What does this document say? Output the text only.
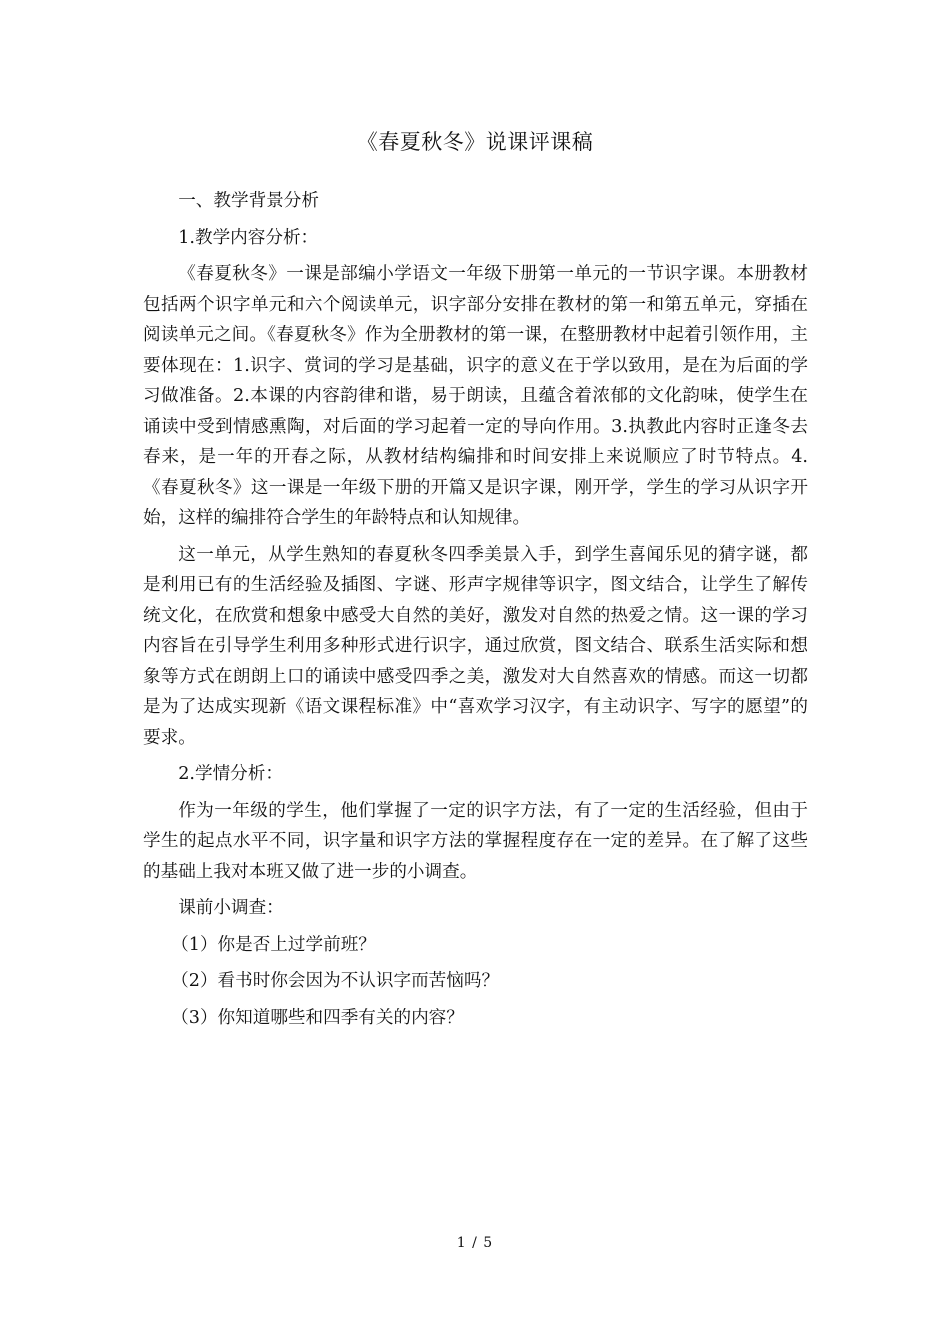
《春夏秋冬》说课评课稿

一、教学背景分析

1.教学内容分析：

《春夏秋冬》一课是部编小学语文一年级下册第一单元的一节识字课。本册教材包括两个识字单元和六个阅读单元，识字部分安排在教材的第一和第五单元，穿插在阅读单元之间。《春夏秋冬》作为全册教材的第一课，在整册教材中起着引领作用，主要体现在：1.识字、赏词的学习是基础，识字的意义在于学以致用，是在为后面的学习做准备。2.本课的内容韵律和谐，易于朗读，且蕴含着浓郁的文化韵味，使学生在诵读中受到情感熏陶，对后面的学习起着一定的导向作用。3.执教此内容时正逢冬去春来，是一年的开春之际，从教材结构编排和时间安排上来说顺应了时节特点。4.《春夏秋冬》这一课是一年级下册的开篇又是识字课，刚开学，学生的学习从识字开始，这样的编排符合学生的年龄特点和认知规律。

这一单元，从学生熟知的春夏秋冬四季美景入手，到学生喜闻乐见的猜字谜，都是利用已有的生活经验及插图、字谜、形声字规律等识字，图文结合，让学生了解传统文化，在欣赏和想象中感受大自然的美好，激发对自然的热爱之情。这一课的学习内容旨在引导学生利用多种形式进行识字，通过欣赏，图文结合、联系生活实际和想象等方式在朗朗上口的诵读中感受四季之美，激发对大自然喜欢的情感。而这一切都是为了达成实现新《语文课程标准》中“喜欢学习汉字，有主动识字、写字的愿望”的要求。

2.学情分析：

作为一年级的学生，他们掌握了一定的识字方法，有了一定的生活经验，但由于学生的起点水平不同，识字量和识字方法的掌握程度存在一定的差异。在了解了这些的基础上我对本班又做了进一步的小调查。

课前小调查：

（1）你是否上过学前班？

（2）看书时你会因为不认识字而苦恼吗？

（3）你知道哪些和四季有关的内容？

1 / 5
